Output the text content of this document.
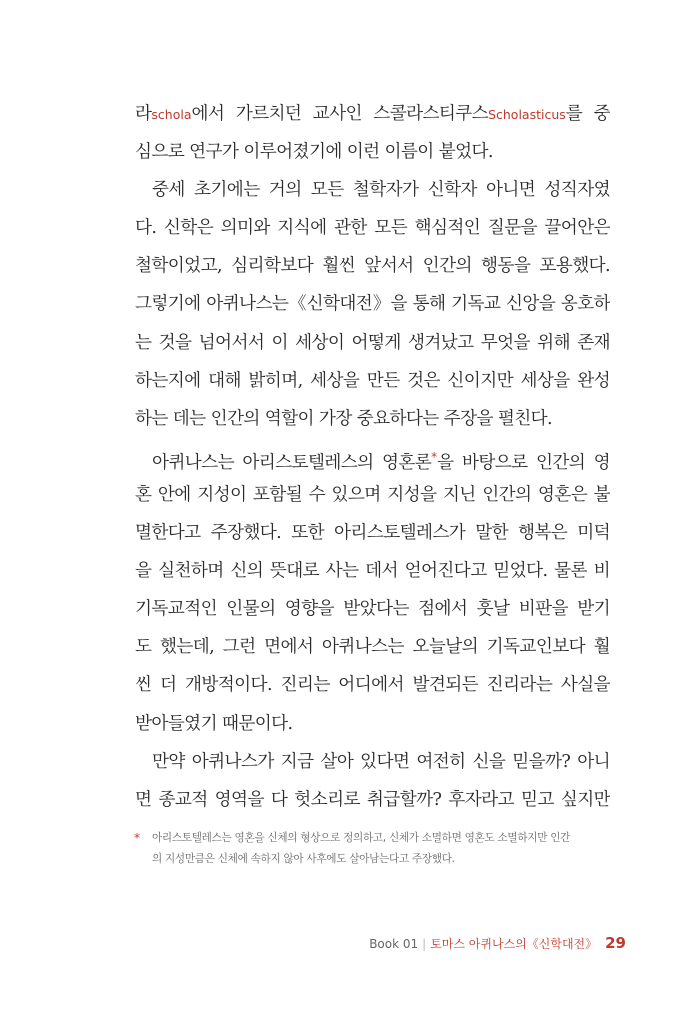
라schola에서 가르치던 교사인 스콜라스티쿠스Scholasticus를 중
심으로 연구가 이루어졌기에 이런 이름이 붙었다.
중세 초기에는 거의 모든 철학자가 신학자 아니면 성직자였
다. 신학은 의미와 지식에 관한 모든 핵심적인 질문을 끌어안은
철학이었고, 심리학보다 훨씬 앞서서 인간의 행동을 포용했다.
그렇기에 아퀴나스는《신학대전》을 통해 기독교 신앙을 옹호하
는 것을 넘어서서 이 세상이 어떻게 생겨났고 무엇을 위해 존재
하는지에 대해 밝히며, 세상을 만든 것은 신이지만 세상을 완성
하는 데는 인간의 역할이 가장 중요하다는 주장을 펼친다.
아퀴나스는 아리스토텔레스의 영혼론*을 바탕으로 인간의 영
혼 안에 지성이 포함될 수 있으며 지성을 지닌 인간의 영혼은 불
멸한다고 주장했다. 또한 아리스토텔레스가 말한 행복은 미덕
을 실천하며 신의 뜻대로 사는 데서 얻어진다고 믿었다. 물론 비
기독교적인 인물의 영향을 받았다는 점에서 훗날 비판을 받기
도 했는데, 그런 면에서 아퀴나스는 오늘날의 기독교인보다 훨
씬 더 개방적이다. 진리는 어디에서 발견되든 진리라는 사실을
받아들였기 때문이다.
만약 아퀴나스가 지금 살아 있다면 여전히 신을 믿을까? 아니
면 종교적 영역을 다 헛소리로 취급할까? 후자라고 믿고 싶지만
*	아리스토텔레스는 영혼을 신체의 형상으로 정의하고, 신체가 소멸하면 영혼도 소멸하지만 인간
의 지성만큼은 신체에 속하지 않아 사후에도 살아남는다고 주장했다.
Book 01 | 토마스 아퀴나스의《신학대전》 29
